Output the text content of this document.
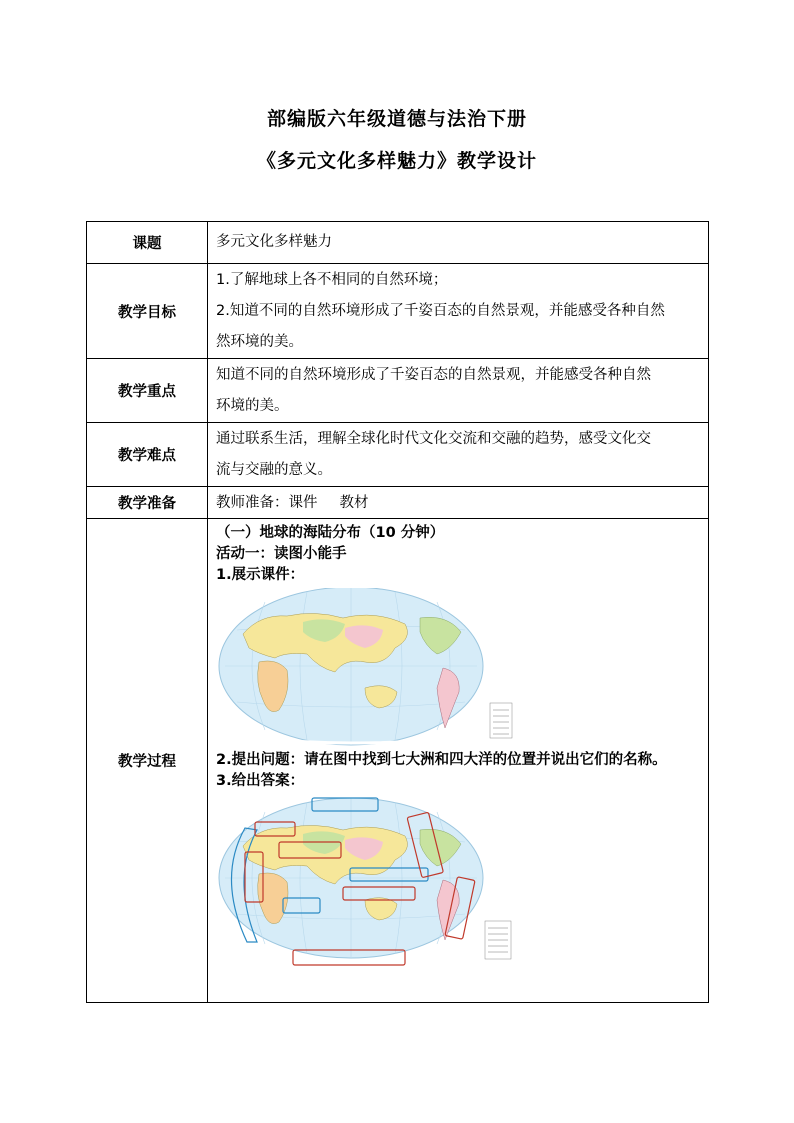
部编版六年级道德与法治下册
《多元文化多样魅力》教学设计
课题	多元文化多样魅力
教学目标	1.了解地球上各不相同的自然环境；
2.知道不同的自然环境形成了千姿百态的自然景观，并能感受各种自然
然环境的美。

教学重点	知道不同的自然环境形成了千姿百态的自然景观，并能感受各种自然
环境的美。

教学难点	通过联系生活，理解全球化时代文化交流和交融的趋势，感受文化交
流与交融的意义。

教学准备	教师准备：课件 教材
教学过程	（一）地球的海陆分布（10 分钟）
活动一：读图小能手
1.展示课件：
2.提出问题：请在图中找到七大洲和四大洋的位置并说出它们的名称。
3.给出答案：
